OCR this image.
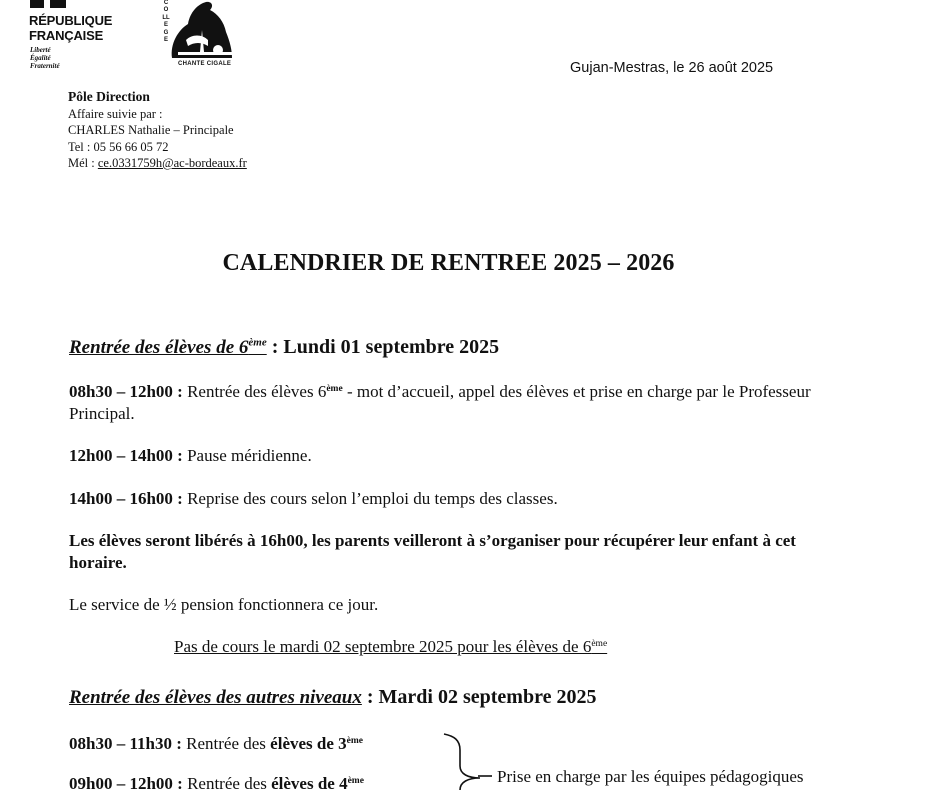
RÉPUBLIQUE
FRANÇAISE
Liberté
Égalité
Fraternité
COLLEGE
CHANTE CIGALE	Gujan-Mestras, le 26 août 2025
Pôle Direction
Affaire suivie par :
CHARLES Nathalie – Principale
Tel : 05 56 66 05 72
Mél : ce.0331759h@ac-bordeaux.fr
CALENDRIER DE RENTREE 2025 – 2026
Rentrée des élèves de 6ème : Lundi 01 septembre 2025
08h30 – 12h00 : Rentrée des élèves 6ème - mot d’accueil, appel des élèves et prise en charge par le Professeur Principal.
12h00 – 14h00 : Pause méridienne.
14h00 – 16h00 : Reprise des cours selon l’emploi du temps des classes.
Les élèves seront libérés à 16h00, les parents veilleront à s’organiser pour récupérer leur enfant à cet horaire.
Le service de ½ pension fonctionnera ce jour.
Pas de cours le mardi 02 septembre 2025 pour les élèves de 6ème
Rentrée des élèves des autres niveaux : Mardi 02 septembre 2025
08h30 – 11h30 : Rentrée des élèves de 3ème
09h00 – 12h00 : Rentrée des élèves de 4ème	Prise en charge par les équipes pédagogiques
